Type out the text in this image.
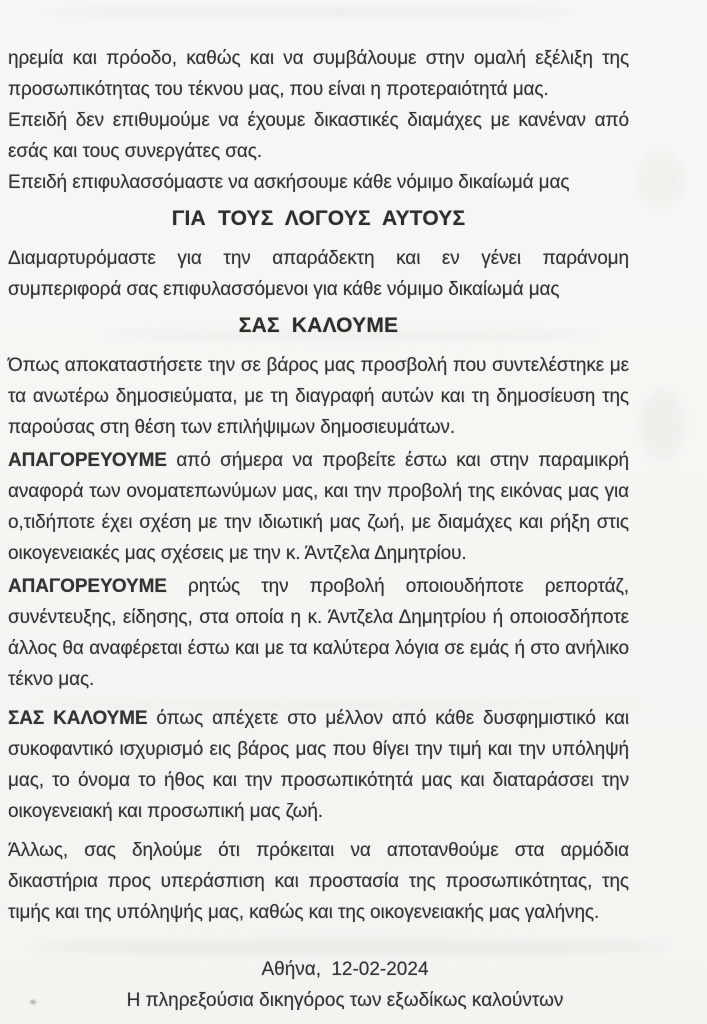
ηρεμία και πρόοδο, καθώς και να συμβάλουμε στην ομαλή εξέλιξη της προσωπικότητας του τέκνου μας, που είναι η προτεραιότητά μας.

Επειδή δεν επιθυμούμε να έχουμε δικαστικές διαμάχες με κανέναν από εσάς και τους συνεργάτες σας.

Επειδή επιφυλασσόμαστε να ασκήσουμε κάθε νόμιμο δικαίωμά μας

ΓΙΑ ΤΟΥΣ ΛΟΓΟΥΣ ΑΥΤΟΥΣ

Διαμαρτυρόμαστε για την απαράδεκτη και εν γένει παράνομη συμπεριφορά σας επιφυλασσόμενοι για κάθε νόμιμο δικαίωμά μας

ΣΑΣ ΚΑΛΟΥΜΕ

Όπως αποκαταστήσετε την σε βάρος μας προσβολή που συντελέστηκε με τα ανωτέρω δημοσιεύματα, με τη διαγραφή αυτών και τη δημοσίευση της παρούσας στη θέση των επιλήψιμων δημοσιευμάτων.

ΑΠΑΓΟΡΕΥΟΥΜΕ από σήμερα να προβείτε έστω και στην παραμικρή αναφορά των ονοματεπωνύμων μας, και την προβολή της εικόνας μας για ο,τιδήποτε έχει σχέση με την ιδιωτική μας ζωή, με διαμάχες και ρήξη στις οικογενειακές μας σχέσεις με την κ. Άντζελα Δημητρίου.

ΑΠΑΓΟΡΕΥΟΥΜΕ ρητώς την προβολή οποιουδήποτε ρεπορτάζ, συνέντευξης, είδησης, στα οποία η κ. Άντζελα Δημητρίου ή οποιοσδήποτε άλλος θα αναφέρεται έστω και με τα καλύτερα λόγια σε εμάς ή στο ανήλικο τέκνο μας.

ΣΑΣ ΚΑΛΟΥΜΕ όπως απέχετε στο μέλλον από κάθε δυσφημιστικό και συκοφαντικό ισχυρισμό εις βάρος μας που θίγει την τιμή και την υπόληψή μας, το όνομα το ήθος και την προσωπικότητά μας και διαταράσσει την οικογενειακή και προσωπική μας ζωή.

Άλλως, σας δηλούμε ότι πρόκειται να αποτανθούμε στα αρμόδια δικαστήρια προς υπεράσπιση και προστασία της προσωπικότητας, της τιμής και της υπόληψής μας, καθώς και της οικογενειακής μας γαλήνης.

Αθήνα, 12-02-2024

Η πληρεξούσια δικηγόρος των εξωδίκως καλούντων
